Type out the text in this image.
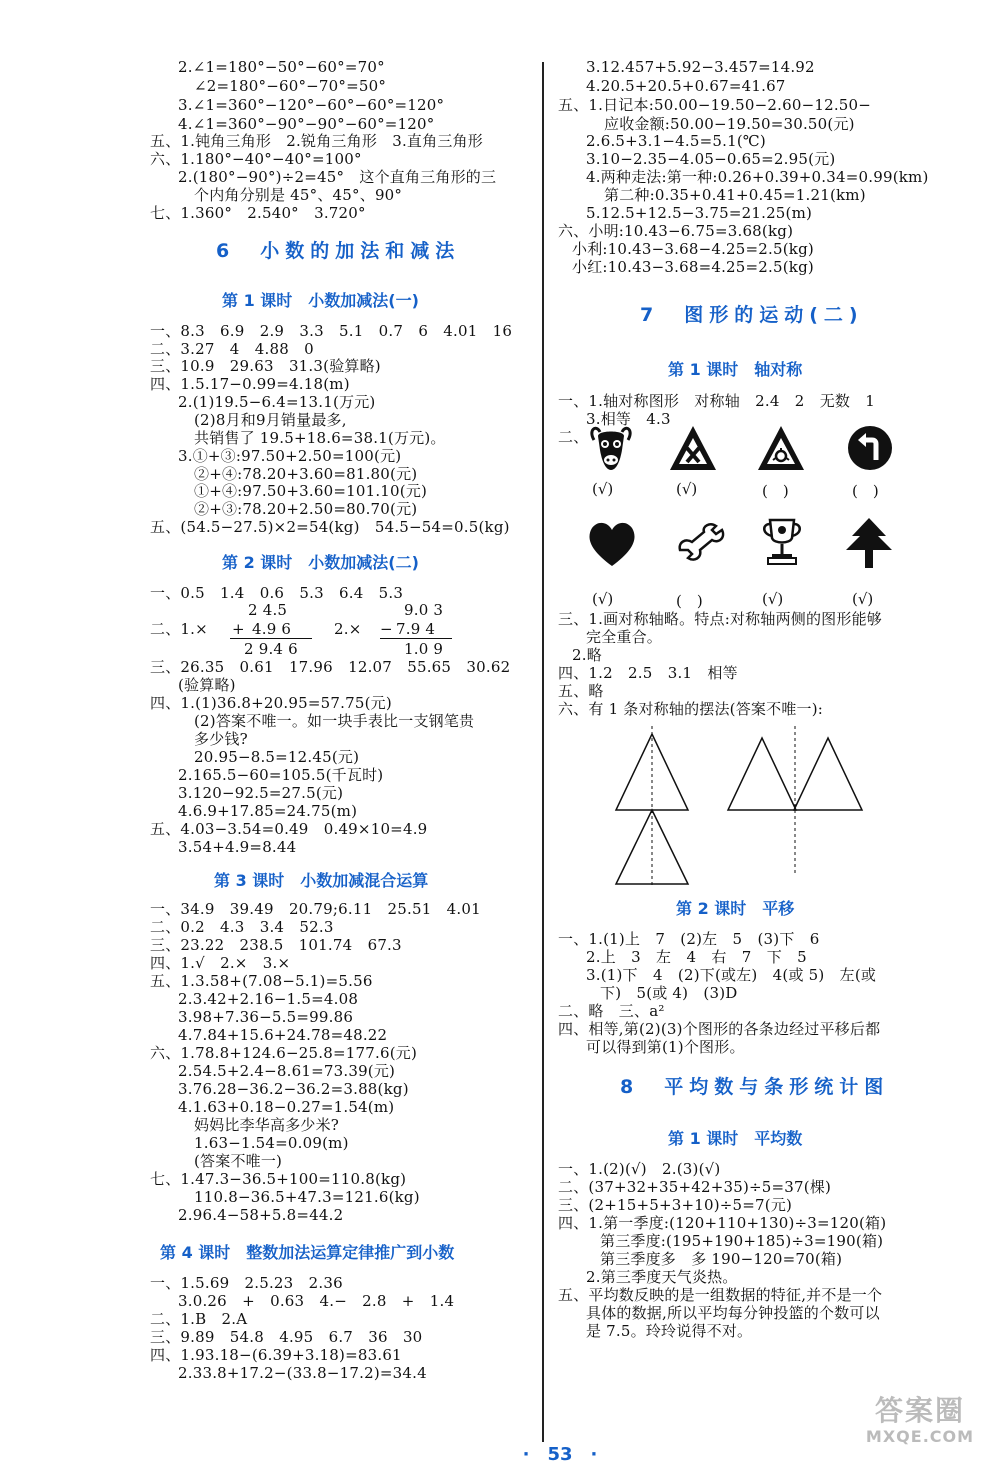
2.∠1=180°−50°−60°=70°
∠2=180°−60°−70°=50°
3.∠1=360°−120°−60°−60°=120°
4.∠1=360°−90°−90°−60°=120°
五、1.钝角三角形　2.锐角三角形　3.直角三角形
六、1.180°−40°−40°=100°
2.(180°−90°)÷2=45°　这个直角三角形的三
个内角分别是 45°、45°、90°
七、1.360°　2.540°　3.720°
6　小数的加法和减法
第 1 课时　小数加减法(一)
一、8.3　6.9　2.9　3.3　5.1　0.7　6　4.01　16
二、3.27　4　4.88　0
三、10.9　29.63　31.3(验算略)
四、1.5.17−0.99=4.18(m)
2.(1)19.5−6.4=13.1(万元)
(2)8月和9月销量最多,
共销售了 19.5+18.6=38.1(万元)。
3.①+③:97.50+2.50=100(元)
②+④:78.20+3.60=81.80(元)
①+④:97.50+3.60=101.10(元)
②+③:78.20+2.50=80.70(元)
五、(54.5−27.5)×2=54(kg)　54.5−54=0.5(kg)
第 2 课时　小数加减法(二)
一、0.5　1.4　0.6　5.3　6.4　5.3
二、1.×
2 4.5
+ 4.9 6
2 9.4 6
2.×
9.0 3
− 7.9 4
1.0 9
三、26.35　0.61　17.96　12.07　55.65　30.62
(验算略)
四、1.(1)36.8+20.95=57.75(元)
(2)答案不唯一。如一块手表比一支钢笔贵
多少钱?
20.95−8.5=12.45(元)
2.165.5−60=105.5(千瓦时)
3.120−92.5=27.5(元)
4.6.9+17.85=24.75(m)
五、4.03−3.54=0.49　0.49×10=4.9
3.54+4.9=8.44
第 3 课时　小数加减混合运算
一、34.9　39.49　20.79;6.11　25.51　4.01
二、0.2　4.3　3.4　52.3
三、23.22　238.5　101.74　67.3
四、1.√　2.×　3.×
五、1.3.58+(7.08−5.1)=5.56
2.3.42+2.16−1.5=4.08
3.98+7.36−5.5=99.86
4.7.84+15.6+24.78=48.22
六、1.78.8+124.6−25.8=177.6(元)
2.54.5+2.4−8.61=73.39(元)
3.76.28−36.2−36.2=3.88(kg)
4.1.63+0.18−0.27=1.54(m)
妈妈比李华高多少米?
1.63−1.54=0.09(m)
(答案不唯一)
七、1.47.3−36.5+100=110.8(kg)
110.8−36.5+47.3=121.6(kg)
2.96.4−58+5.8=44.2
第 4 课时　整数加法运算定律推广到小数
一、1.5.69　2.5.23　2.36
3.0.26　+　0.63　4.−　2.8　+　1.4
二、1.B　2.A
三、9.89　54.8　4.95　6.7　36　30
四、1.93.18−(6.39+3.18)=83.61
2.33.8+17.2−(33.8−17.2)=34.4
3.12.457+5.92−3.457=14.92
4.20.5+20.5+0.67=41.67
五、1.日记本:50.00−19.50−2.60−12.50−
应收金额:50.00−19.50=30.50(元)
2.6.5+3.1−4.5=5.1(℃)
3.10−2.35−4.05−0.65=2.95(元)
4.两种走法:第一种:0.26+0.39+0.34=0.99(km)
第二种:0.35+0.41+0.45=1.21(km)
5.12.5+12.5−3.75=21.25(m)
六、小明:10.43−6.75=3.68(kg)
小利:10.43−3.68−4.25=2.5(kg)
小红:10.43−3.68=4.25=2.5(kg)
7　图形的运动(二)
第 1 课时　轴对称
一、1.轴对称图形　对称轴　2.4　2　无数　1
3.相等　4.3
二、
(√)	(√)	(　)	(　)
(√)	(　)	(√)	(√)
三、1.画对称轴略。特点:对称轴两侧的图形能够
完全重合。
2.略
四、1.2　2.5　3.1　相等
五、略
六、有 1 条对称轴的摆法(答案不唯一):
第 2 课时　平移
一、1.(1)上　7　(2)左　5　(3)下　6
2.上　3　左　4　右　7　下　5
3.(1)下　4　(2)下(或左)　4(或 5)　左(或
下)　5(或 4)　(3)D
二、略　三、a²
四、相等,第(2)(3)个图形的各条边经过平移后都
可以得到第(1)个图形。
8　平均数与条形统计图
第 1 课时　平均数
一、1.(2)(√)　2.(3)(√)
二、(37+32+35+42+35)÷5=37(棵)
三、(2+15+5+3+10)÷5=7(元)
四、1.第一季度:(120+110+130)÷3=120(箱)
第三季度:(195+190+185)÷3=190(箱)
第三季度多　多 190−120=70(箱)
2.第三季度天气炎热。
五、平均数反映的是一组数据的特征,并不是一个
具体的数据,所以平均每分钟投篮的个数可以
是 7.5。玲玲说得不对。
·　53　·
答案圈
MXQE.COM
